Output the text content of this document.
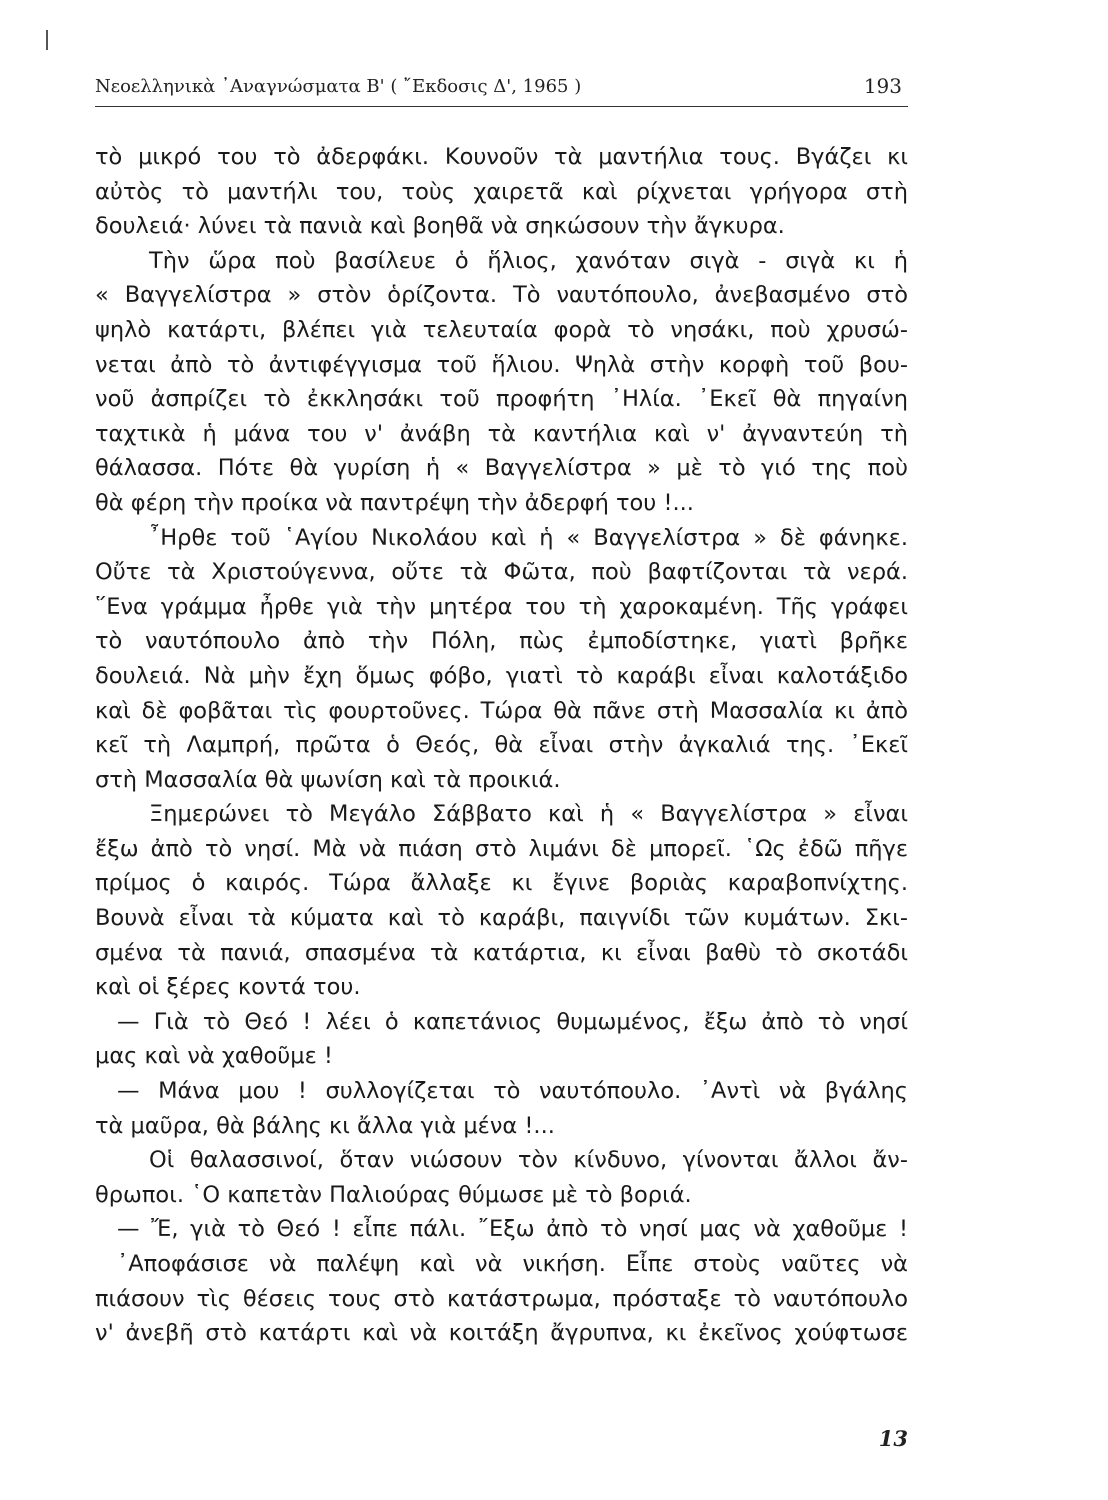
Νεοελληνικὰ ᾿Αναγνώσματα Β' ( ῎Εκδοσις Δ', 1965 )	193
τὸ μικρό του τὸ ἀδερφάκι. Κουνοῦν τὰ μαντήλια τους. Βγάζει κι
αὐτὸς τὸ μαντήλι του, τοὺς χαιρετᾶ καὶ ρίχνεται γρήγορα στὴ
δουλειά· λύνει τὰ πανιὰ καὶ βοηθᾶ νὰ σηκώσουν τὴν ἄγκυρα.
Τὴν ὥρα ποὺ βασίλευε ὁ ἥλιος, χανόταν σιγὰ - σιγὰ κι ἡ
« Βαγγελίστρα » στὸν ὁρίζοντα. Τὸ ναυτόπουλο, ἀνεβασμένο στὸ
ψηλὸ κατάρτι, βλέπει γιὰ τελευταία φορὰ τὸ νησάκι, ποὺ χρυσώ-
νεται ἀπὸ τὸ ἀντιφέγγισμα τοῦ ἥλιου. Ψηλὰ στὴν κορφὴ τοῦ βου-
νοῦ ἀσπρίζει τὸ ἐκκλησάκι τοῦ προφήτη ᾿Ηλία. ᾿Εκεῖ θὰ πηγαίνη
ταχτικὰ ἡ μάνα του ν' ἀνάβη τὰ καντήλια καὶ ν' ἀγναντεύη τὴ
θάλασσα. Πότε θὰ γυρίση ἡ « Βαγγελίστρα » μὲ τὸ γιό της ποὺ
θὰ φέρη τὴν προίκα νὰ παντρέψη τὴν ἀδερφή του !...
῏Ηρθε τοῦ ῾Αγίου Νικολάου καὶ ἡ « Βαγγελίστρα » δὲ φάνηκε.
Οὔτε τὰ Χριστούγεννα, οὔτε τὰ Φῶτα, ποὺ βαφτίζονται τὰ νερά.
῞Ενα γράμμα ἦρθε γιὰ τὴν μητέρα του τὴ χαροκαμένη. Τῆς γράφει
τὸ ναυτόπουλο ἀπὸ τὴν Πόλη, πὼς ἐμποδίστηκε, γιατὶ βρῆκε
δουλειά. Νὰ μὴν ἔχη ὅμως φόβο, γιατὶ τὸ καράβι εἶναι καλοτάξιδο
καὶ δὲ φοβᾶται τὶς φουρτοῦνες. Τώρα θὰ πᾶνε στὴ Μασσαλία κι ἀπὸ
κεῖ τὴ Λαμπρή, πρῶτα ὁ Θεός, θὰ εἶναι στὴν ἀγκαλιά της. ᾿Εκεῖ
στὴ Μασσαλία θὰ ψωνίση καὶ τὰ προικιά.
Ξημερώνει τὸ Μεγάλο Σάββατο καὶ ἡ « Βαγγελίστρα » εἶναι
ἔξω ἀπὸ τὸ νησί. Μὰ νὰ πιάση στὸ λιμάνι δὲ μπορεῖ. ῾Ως ἐδῶ πῆγε
πρίμος ὁ καιρός. Τώρα ἄλλαξε κι ἔγινε βοριὰς καραβοπνίχτης.
Βουνὰ εἶναι τὰ κύματα καὶ τὸ καράβι, παιγνίδι τῶν κυμάτων. Σκι-
σμένα τὰ πανιά, σπασμένα τὰ κατάρτια, κι εἶναι βαθὺ τὸ σκοτάδι
καὶ οἱ ξέρες κοντά του.
— Γιὰ τὸ Θεό ! λέει ὁ καπετάνιος θυμωμένος, ἔξω ἀπὸ τὸ νησί
μας καὶ νὰ χαθοῦμε !
— Μάνα μου ! συλλογίζεται τὸ ναυτόπουλο. ᾿Αντὶ νὰ βγάλης
τὰ μαῦρα, θὰ βάλης κι ἄλλα γιὰ μένα !...
Οἱ θαλασσινοί, ὅταν νιώσουν τὸν κίνδυνο, γίνονται ἄλλοι ἄν-
θρωποι. ῾Ο καπετὰν Παλιούρας θύμωσε μὲ τὸ βοριά.
— Ἔ, γιὰ τὸ Θεό ! εἶπε πάλι. ῎Εξω ἀπὸ τὸ νησί μας νὰ χαθοῦμε !
᾿Αποφάσισε νὰ παλέψη καὶ νὰ νικήση. Εἶπε στοὺς ναῦτες νὰ
πιάσουν τὶς θέσεις τους στὸ κατάστρωμα, πρόσταξε τὸ ναυτόπουλο
ν' ἀνεβῆ στὸ κατάρτι καὶ νὰ κοιτάξη ἄγρυπνα, κι ἐκεῖνος χούφτωσε
13
